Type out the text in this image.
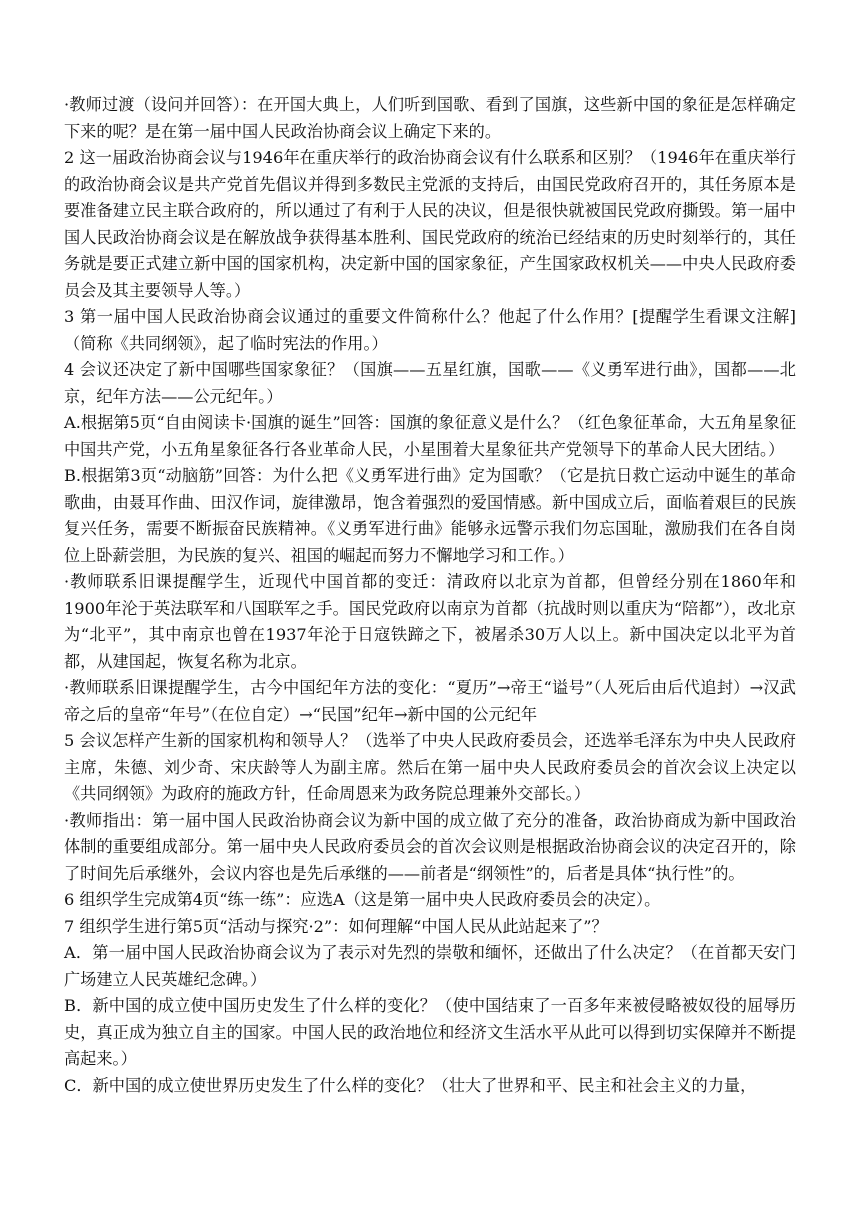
·教师过渡（设问并回答）：在开国大典上，人们听到国歌、看到了国旗，这些新中国的象征是怎样确定下来的呢？是在第一届中国人民政治协商会议上确定下来的。

2 这一届政治协商会议与1946年在重庆举行的政治协商会议有什么联系和区别？（1946年在重庆举行的政治协商会议是共产党首先倡议并得到多数民主党派的支持后，由国民党政府召开的，其任务原本是要准备建立民主联合政府的，所以通过了有利于人民的决议，但是很快就被国民党政府撕毁。第一届中国人民政治协商会议是在解放战争获得基本胜利、国民党政府的统治已经结束的历史时刻举行的，其任务就是要正式建立新中国的国家机构，决定新中国的国家象征，产生国家政权机关——中央人民政府委员会及其主要领导人等。）

3 第一届中国人民政治协商会议通过的重要文件简称什么？他起了什么作用？[提醒学生看课文注解]（简称《共同纲领》，起了临时宪法的作用。）

4 会议还决定了新中国哪些国家象征？（国旗——五星红旗，国歌——《义勇军进行曲》，国都——北京，纪年方法——公元纪年。）

A.根据第5页“自由阅读卡·国旗的诞生”回答：国旗的象征意义是什么？（红色象征革命，大五角星象征中国共产党，小五角星象征各行各业革命人民，小星围着大星象征共产党领导下的革命人民大团结。）

B.根据第3页“动脑筋”回答：为什么把《义勇军进行曲》定为国歌？（它是抗日救亡运动中诞生的革命歌曲，由聂耳作曲、田汉作词，旋律激昂，饱含着强烈的爱国情感。新中国成立后，面临着艰巨的民族复兴任务，需要不断振奋民族精神。《义勇军进行曲》能够永远警示我们勿忘国耻，激励我们在各自岗位上卧薪尝胆，为民族的复兴、祖国的崛起而努力不懈地学习和工作。）

·教师联系旧课提醒学生，近现代中国首都的变迁：清政府以北京为首都，但曾经分别在1860年和1900年沦于英法联军和八国联军之手。国民党政府以南京为首都（抗战时则以重庆为“陪都”），改北京为“北平”，其中南京也曾在1937年沦于日寇铁蹄之下，被屠杀30万人以上。新中国决定以北平为首都，从建国起，恢复名称为北京。

·教师联系旧课提醒学生，古今中国纪年方法的变化：“夏历”→帝王“谥号”（人死后由后代追封）→汉武帝之后的皇帝“年号”（在位自定）→“民国”纪年→新中国的公元纪年

5 会议怎样产生新的国家机构和领导人？（选举了中央人民政府委员会，还选举毛泽东为中央人民政府主席，朱德、刘少奇、宋庆龄等人为副主席。然后在第一届中央人民政府委员会的首次会议上决定以《共同纲领》为政府的施政方针，任命周恩来为政务院总理兼外交部长。）

·教师指出：第一届中国人民政治协商会议为新中国的成立做了充分的准备，政治协商成为新中国政治体制的重要组成部分。第一届中央人民政府委员会的首次会议则是根据政治协商会议的决定召开的，除了时间先后承继外，会议内容也是先后承继的——前者是“纲领性”的，后者是具体“执行性”的。

6 组织学生完成第4页“练一练”：应选A（这是第一届中央人民政府委员会的决定）。

7 组织学生进行第5页“活动与探究·2”：如何理解“中国人民从此站起来了”？

A．第一届中国人民政治协商会议为了表示对先烈的崇敬和缅怀，还做出了什么决定？（在首都天安门广场建立人民英雄纪念碑。）

B．新中国的成立使中国历史发生了什么样的变化？（使中国结束了一百多年来被侵略被奴役的屈辱历史，真正成为独立自主的国家。中国人民的政治地位和经济文生活水平从此可以得到切实保障并不断提高起来。）

C．新中国的成立使世界历史发生了什么样的变化？（壮大了世界和平、民主和社会主义的力量，
